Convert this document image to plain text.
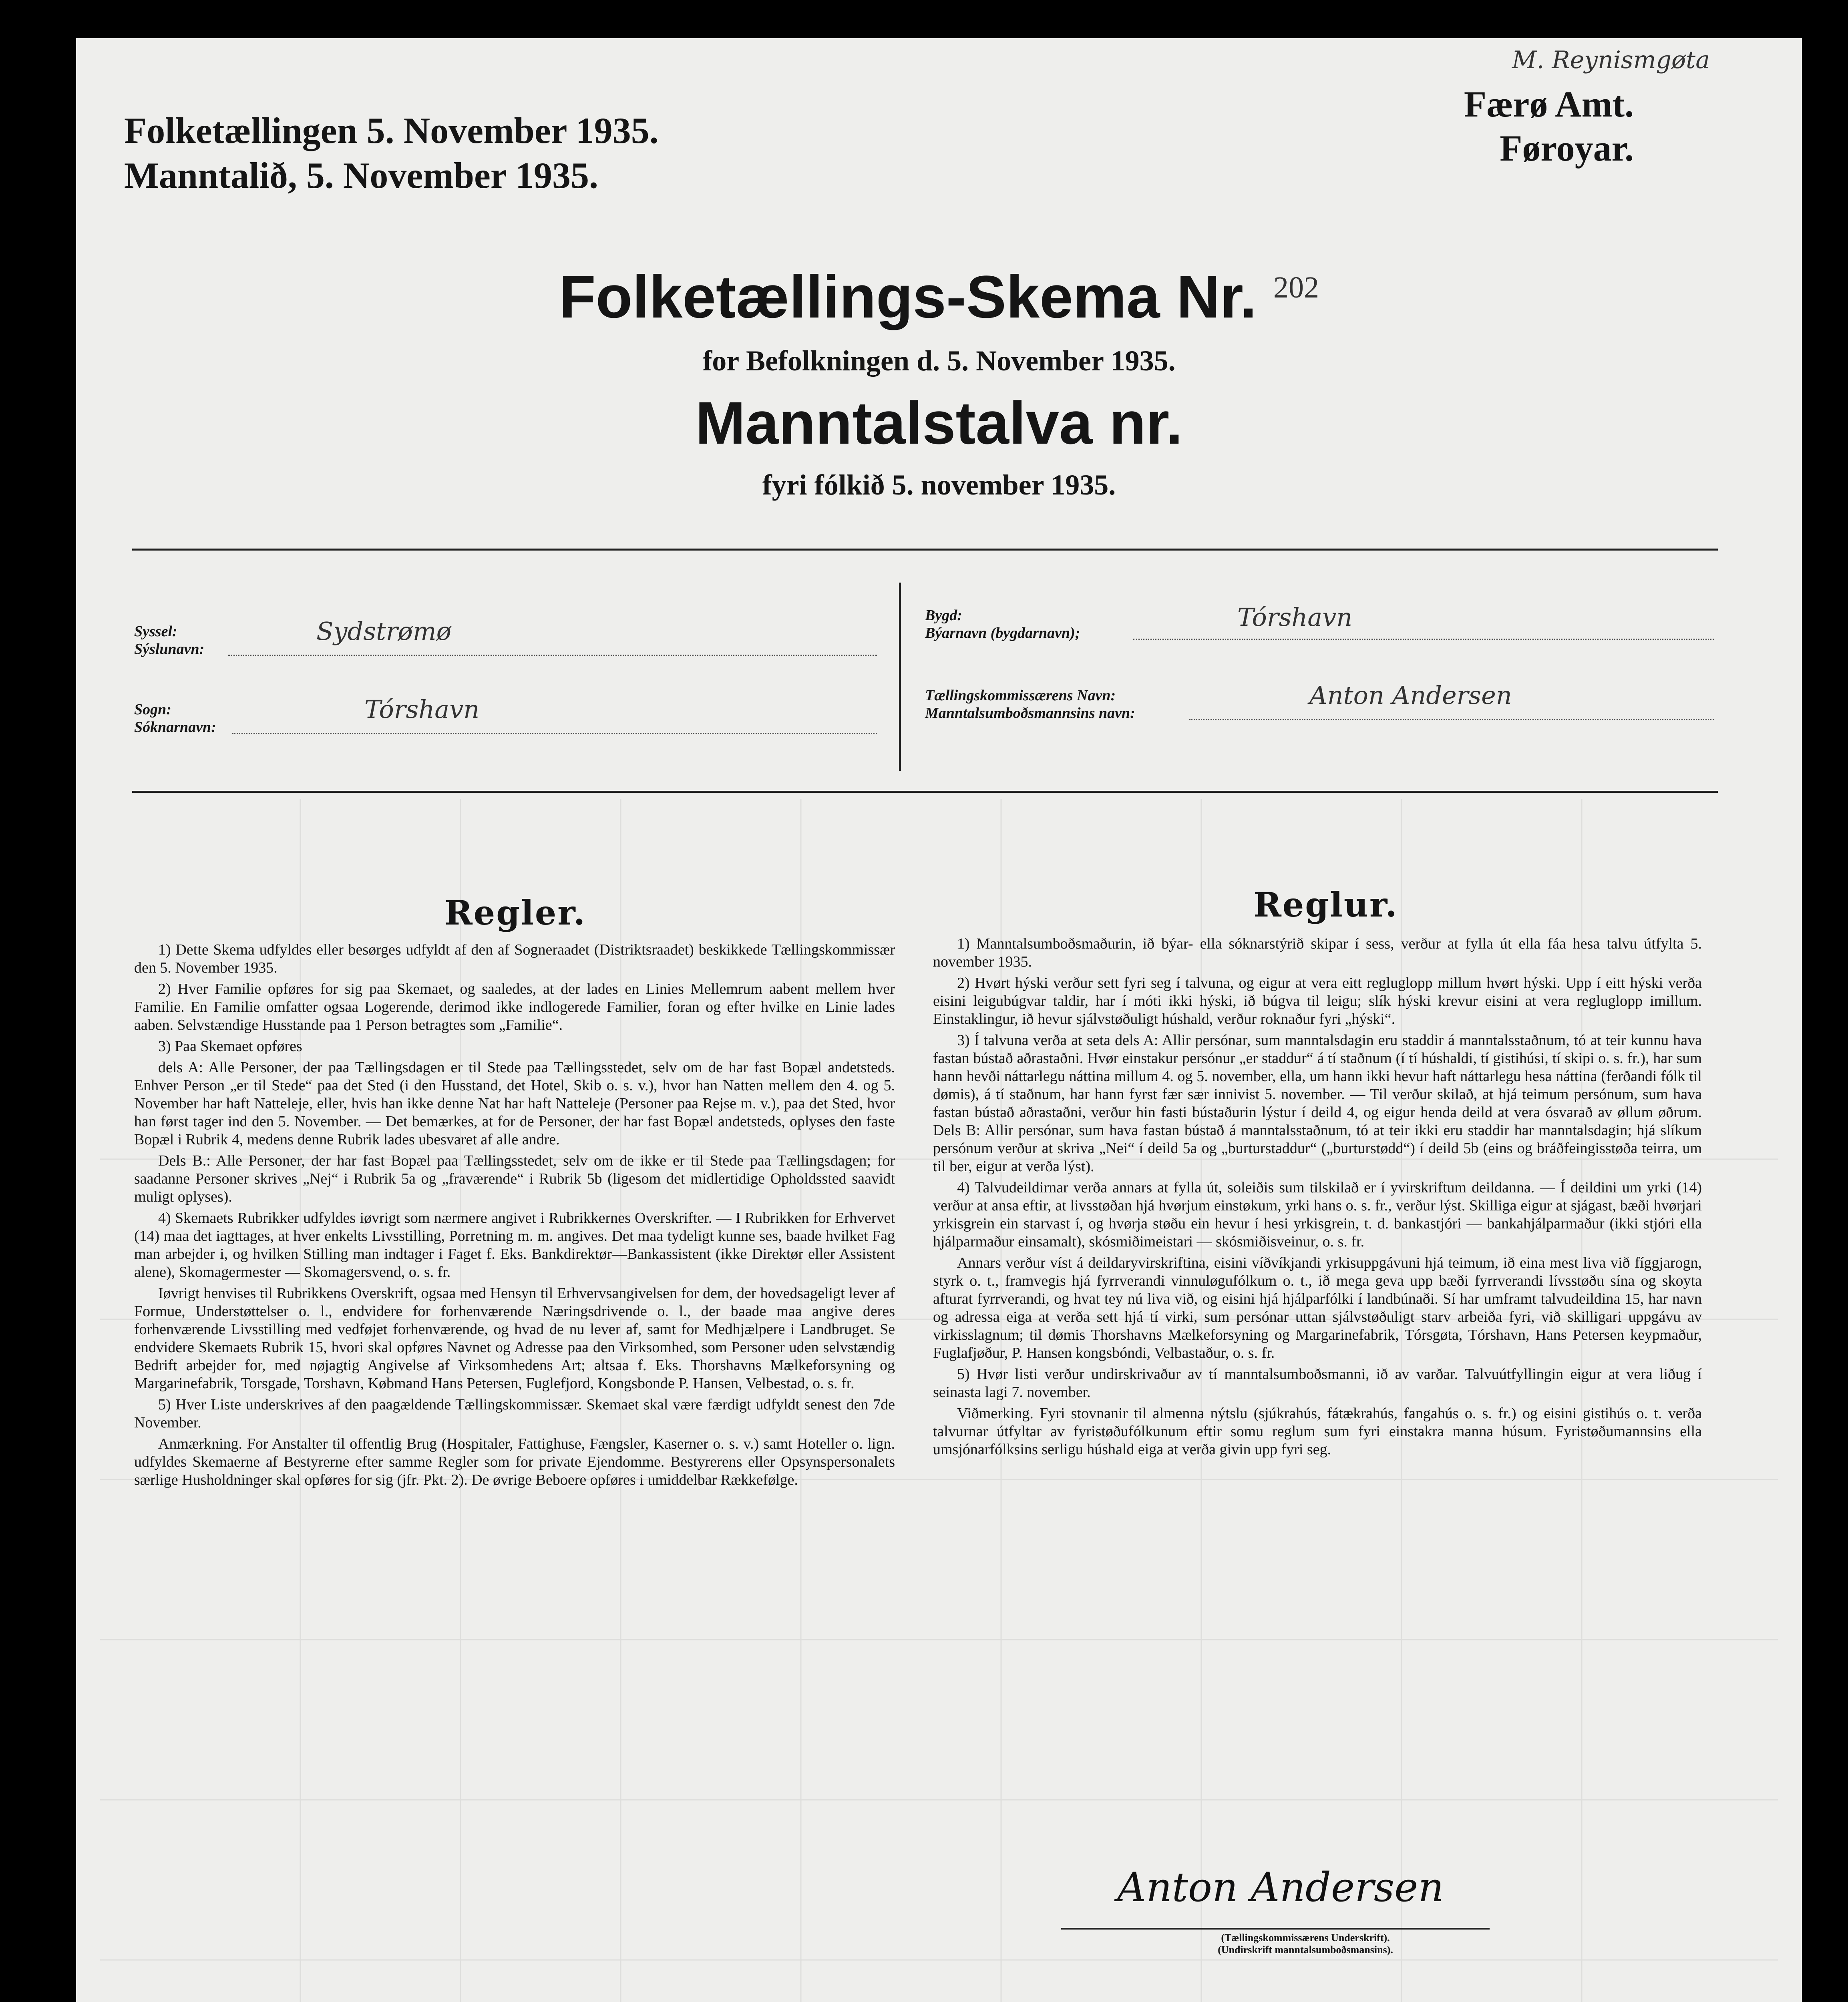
M. Reynismgøta
Folketællingen 5. November 1935.
Manntalið, 5. November 1935.
Færø Amt.
Føroyar.
Folketællings-Skema Nr. $^{202}$
for Befolkningen d. 5. November 1935.
Manntalstalva nr.
fyri fólkið 5. november 1935.
Syssel:
Sýslunavn:
Sydstrømø
Sogn:
Sóknarnavn:
Tórshavn
Bygd:
Býarnavn (bygdarnavn);
Tórshavn
Tællingskommissærens Navn:
Manntalsumboðsmannsins navn:
Anton Andersen
Regler.	Reglur.

1) Dette Skema udfyldes eller besørges udfyldt af den af Sogneraadet (Distriktsraadet) beskikkede Tællingskommissær den 5. November 1935.

2) Hver Familie opføres for sig paa Skemaet, og saaledes, at der lades en Linies Mellemrum aabent mellem hver Familie. En Familie omfatter ogsaa Logerende, derimod ikke indlogerede Familier, foran og efter hvilke en Linie lades aaben. Selvstændige Husstande paa 1 Person betragtes som „Familie“.

3) Paa Skemaet opføres

dels A: Alle Personer, der paa Tællingsdagen er til Stede paa Tællingsstedet, selv om de har fast Bopæl andetsteds. Enhver Person „er til Stede“ paa det Sted (i den Husstand, det Hotel, Skib o. s. v.), hvor han Natten mellem den 4. og 5. November har haft Natteleje, eller, hvis han ikke denne Nat har haft Natteleje (Personer paa Rejse m. v.), paa det Sted, hvor han først tager ind den 5. November. — Det bemærkes, at for de Personer, der har fast Bopæl andetsteds, oplyses den faste Bopæl i Rubrik 4, medens denne Rubrik lades ubesvaret af alle andre.

Dels B.: Alle Personer, der har fast Bopæl paa Tællingsstedet, selv om de ikke er til Stede paa Tællingsdagen; for saadanne Personer skrives „Nej“ i Rubrik 5a og „fraværende“ i Rubrik 5b (ligesom det midlertidige Opholdssted saavidt muligt oplyses).

4) Skemaets Rubrikker udfyldes iøvrigt som nærmere angivet i Rubrikkernes Overskrifter. — I Rubrikken for Erhvervet (14) maa det iagttages, at hver enkelts Livsstilling, Porretning m. m. angives. Det maa tydeligt kunne ses, baade hvilket Fag man arbejder i, og hvilken Stilling man indtager i Faget f. Eks. Bankdirektør—Bankassistent (ikke Direktør eller Assistent alene), Skomagermester — Skomagersvend, o. s. fr.

Iøvrigt henvises til Rubrikkens Overskrift, ogsaa med Hensyn til Erhvervsangivelsen for dem, der hovedsageligt lever af Formue, Understøttelser o. l., endvidere for forhenværende Næringsdrivende o. l., der baade maa angive deres forhenværende Livsstilling med vedføjet forhenværende, og hvad de nu lever af, samt for Medhjælpere i Landbruget. Se endvidere Skemaets Rubrik 15, hvori skal opføres Navnet og Adresse paa den Virksomhed, som Personer uden selvstændig Bedrift arbejder for, med nøjagtig Angivelse af Virksomhedens Art; altsaa f. Eks. Thorshavns Mælkeforsyning og Margarinefabrik, Torsgade, Torshavn, Købmand Hans Petersen, Fuglefjord, Kongsbonde P. Hansen, Velbestad, o. s. fr.

5) Hver Liste underskrives af den paagældende Tællingskommissær. Skemaet skal være færdigt udfyldt senest den 7de November.

Anmærkning. For Anstalter til offentlig Brug (Hospitaler, Fattighuse, Fængsler, Kaserner o. s. v.) samt Hoteller o. lign. udfyldes Skemaerne af Bestyrerne efter samme Regler som for private Ejendomme. Bestyrerens eller Opsynspersonalets særlige Husholdninger skal opføres for sig (jfr. Pkt. 2). De øvrige Beboere opføres i umiddelbar Rækkefølge.

1) Manntalsumboðsmaðurin, ið býar- ella sóknarstýrið skipar í sess, verður at fylla út ella fáa hesa talvu útfylta 5. november 1935.

2) Hvørt hýski verður sett fyri seg í talvuna, og eigur at vera eitt regluglopp millum hvørt hýski. Upp í eitt hýski verða eisini leigubúgvar taldir, har í móti ikki hýski, ið búgva til leigu; slík hýski krevur eisini at vera regluglopp imillum. Einstaklingur, ið hevur sjálvstøðuligt húshald, verður roknaður fyri „hýski“.

3) Í talvuna verða at seta dels A: Allir persónar, sum manntalsdagin eru staddir á manntalsstaðnum, tó at teir kunnu hava fastan bústað aðrastaðni. Hvør einstakur persónur „er staddur“ á tí staðnum (í tí húshaldi, tí gistihúsi, tí skipi o. s. fr.), har sum hann hevði náttarlegu náttina millum 4. og 5. november, ella, um hann ikki hevur haft náttarlegu hesa náttina (ferðandi fólk til dømis), á tí staðnum, har hann fyrst fær sær innivist 5. november. — Til verður skilað, at hjá teimum persónum, sum hava fastan bústað aðrastaðni, verður hin fasti bústaðurin lýstur í deild 4, og eigur henda deild at vera ósvarað av øllum øðrum. Dels B: Allir persónar, sum hava fastan bústað á manntalsstaðnum, tó at teir ikki eru staddir har manntalsdagin; hjá slíkum persónum verður at skriva „Nei“ í deild 5a og „burturstaddur“ („burturstødd“) í deild 5b (eins og bráðfeingisstøða teirra, um til ber, eigur at verða lýst).

4) Talvudeildirnar verða annars at fylla út, soleiðis sum tilskilað er í yvirskriftum deildanna. — Í deildini um yrki (14) verður at ansa eftir, at livsstøðan hjá hvørjum einstøkum, yrki hans o. s. fr., verður lýst. Skilliga eigur at sjágast, bæði hvørjari yrkisgrein ein starvast í, og hvørja støðu ein hevur í hesi yrkisgrein, t. d. bankastjóri — bankahjálparmaður (ikki stjóri ella hjálparmaður einsamalt), skósmiðimeistari — skósmiðisveinur, o. s. fr.

Annars verður víst á deildaryvirskriftina, eisini víðvíkjandi yrkisuppgávuni hjá teimum, ið eina mest liva við fíggjarogn, styrk o. t., framvegis hjá fyrrverandi vinnuløgufólkum o. t., ið mega geva upp bæði fyrrverandi lívsstøðu sína og skoyta afturat fyrrverandi, og hvat tey nú liva við, og eisini hjá hjálparfólki í landbúnaði. Sí har umframt talvudeildina 15, har navn og adressa eiga at verða sett hjá tí virki, sum persónar uttan sjálvstøðuligt starv arbeiða fyri, við skilligari uppgávu av virkisslagnum; til dømis Thorshavns Mælkeforsyning og Margarinefabrik, Tórsgøta, Tórshavn, Hans Petersen keypmaður, Fuglafjøður, P. Hansen kongsbóndi, Velbastaður, o. s. fr.

5) Hvør listi verður undirskrivaður av tí manntalsumboðsmanni, ið av varðar. Talvuútfyllingin eigur at vera liðug í seinasta lagi 7. november.

Viðmerking. Fyri stovnanir til almenna nýtslu (sjúkrahús, fátækrahús, fangahús o. s. fr.) og eisini gistihús o. t. verða talvurnar útfyltar av fyristøðufólkunum eftir somu reglum sum fyri einstakra manna húsum. Fyristøðumannsins ella umsjónarfólksins serligu húshald eiga at verða givin upp fyri seg.

Anton Andersen
(Tællingskommissærens Underskrift).
(Undirskrift manntalsumboðsmansins).
